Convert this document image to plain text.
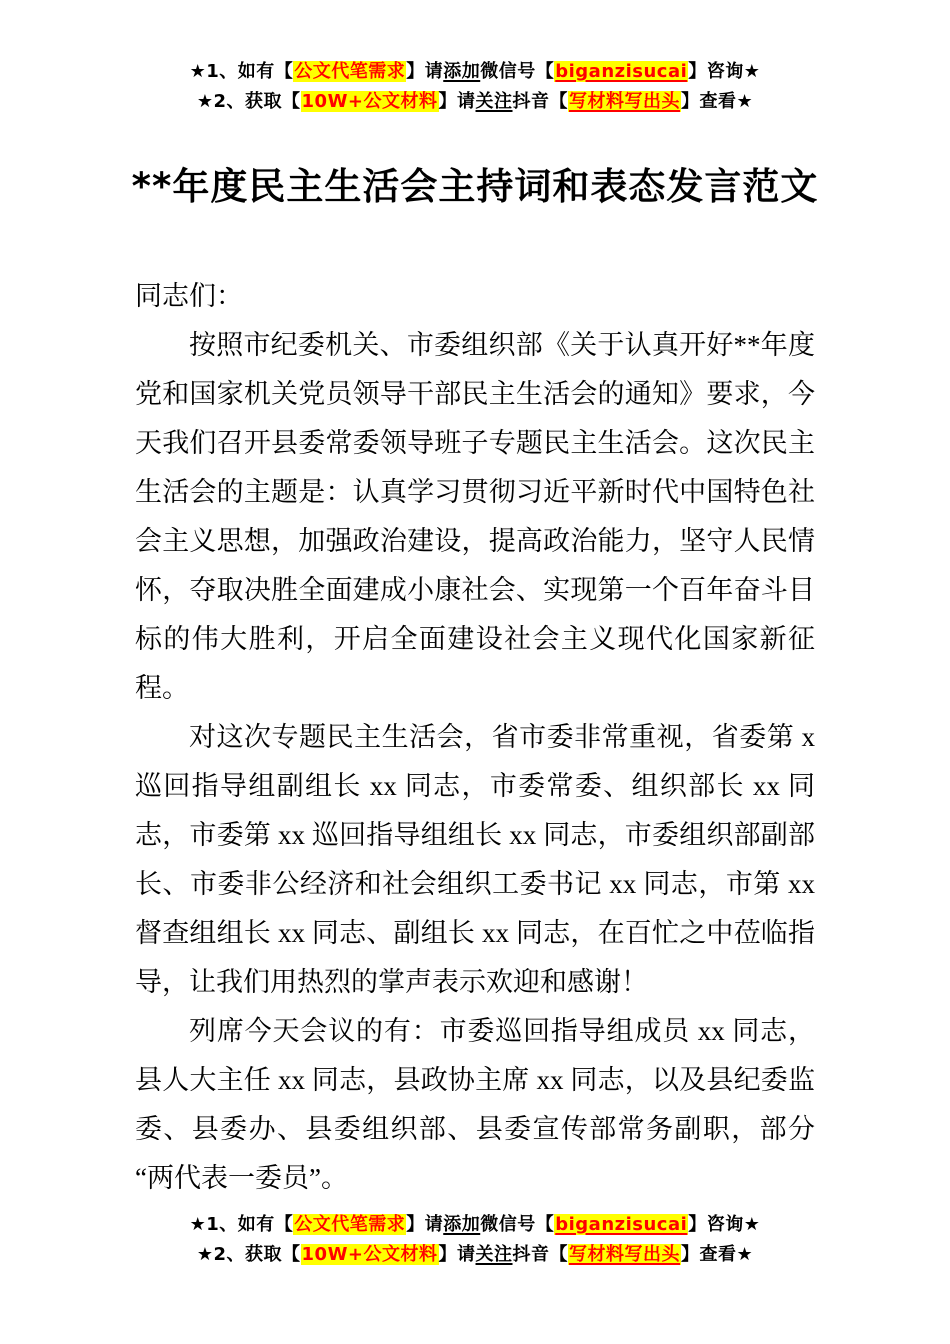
★1、如有【公文代笔需求】请添加微信号【biganzisucai】咨询★
★2、获取【10W+公文材料】请关注抖音【写材料写出头】查看★
**年度民主生活会主持词和表态发言范文

同志们：

按照市纪委机关、市委组织部《关于认真开好**年度党和国家机关党员领导干部民主生活会的通知》要求，今天我们召开县委常委领导班子专题民主生活会。这次民主生活会的主题是：认真学习贯彻习近平新时代中国特色社会主义思想，加强政治建设，提高政治能力，坚守人民情怀，夺取决胜全面建成小康社会、实现第一个百年奋斗目标的伟大胜利，开启全面建设社会主义现代化国家新征程。

对这次专题民主生活会，省市委非常重视，省委第 x 巡回指导组副组长 xx 同志，市委常委、组织部长 xx 同志，市委第 xx 巡回指导组组长 xx 同志，市委组织部副部长、市委非公经济和社会组织工委书记 xx 同志，市第 xx 督查组组长 xx 同志、副组长 xx 同志，在百忙之中莅临指导，让我们用热烈的掌声表示欢迎和感谢！

列席今天会议的有：市委巡回指导组成员 xx 同志，县人大主任 xx 同志，县政协主席 xx 同志，以及县纪委监委、县委办、县委组织部、县委宣传部常务副职，部分“两代表一委员”。

★1、如有【公文代笔需求】请添加微信号【biganzisucai】咨询★
★2、获取【10W+公文材料】请关注抖音【写材料写出头】查看★
